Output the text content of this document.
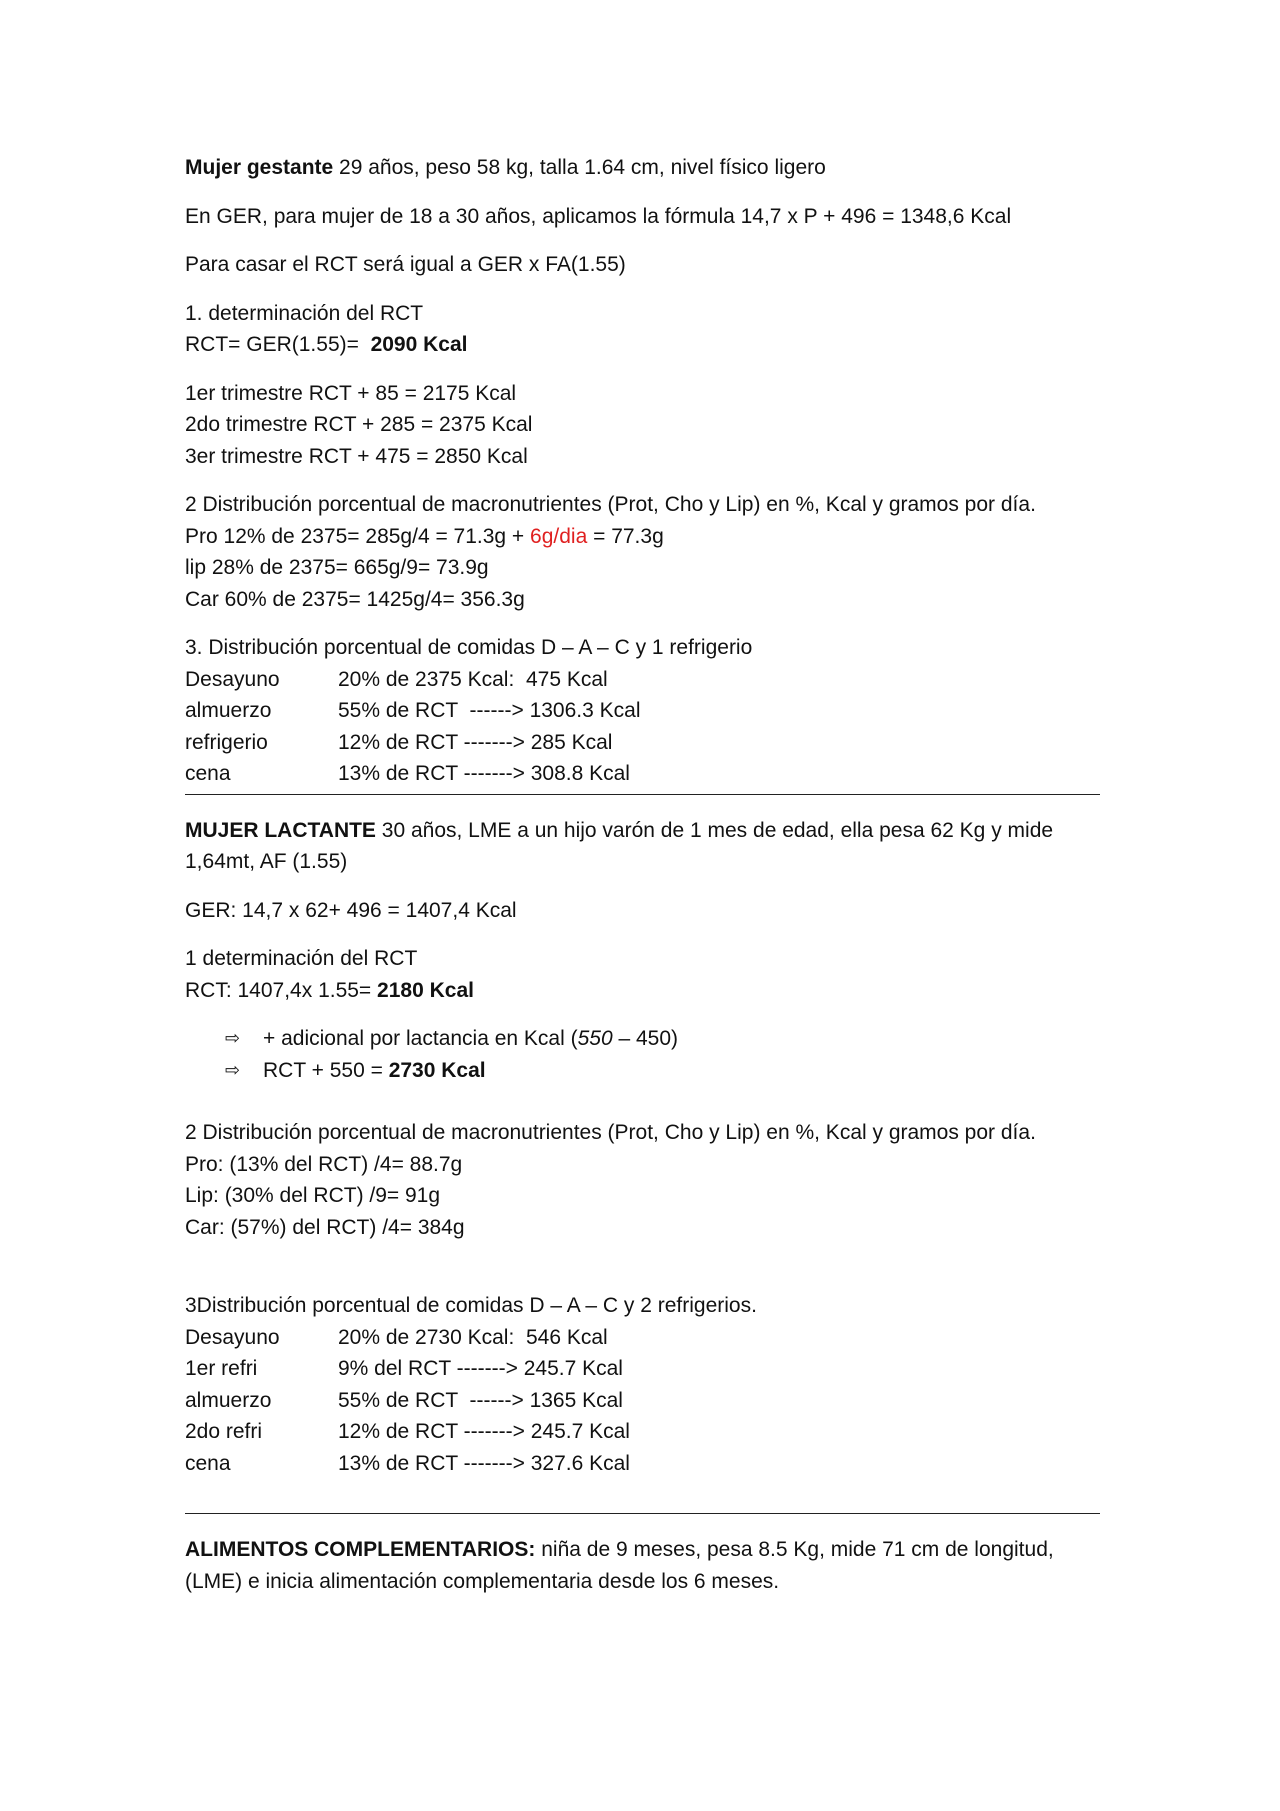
Mujer gestante 29 años, peso 58 kg, talla 1.64 cm, nivel físico ligero

En GER, para mujer de 18 a 30 años, aplicamos la fórmula 14,7 x P + 496 = 1348,6 Kcal

Para casar el RCT será igual a GER x FA(1.55)

1. determinación del RCT
RCT= GER(1.55)=  2090 Kcal

1er trimestre RCT + 85 = 2175 Kcal
2do trimestre RCT + 285 = 2375 Kcal
3er trimestre RCT + 475 = 2850 Kcal

2 Distribución porcentual de macronutrientes (Prot, Cho y Lip) en %, Kcal y gramos por día.
Pro 12% de 2375= 285g/4 = 71.3g + 6g/dia = 77.3g
lip 28% de 2375= 665g/9= 73.9g
Car 60% de 2375= 1425g/4= 356.3g

3. Distribución porcentual de comidas D – A – C y 1 refrigerio
Desayuno	20% de 2375 Kcal:  475 Kcal
almuerzo	55% de RCT  ------> 1306.3 Kcal
refrigerio	12% de RCT -------> 285 Kcal
cena	13% de RCT -------> 308.8 Kcal

MUJER LACTANTE 30 años, LME a un hijo varón de 1 mes de edad, ella pesa 62 Kg y mide
1,64mt, AF (1.55)

GER: 14,7 x 62+ 496 = 1407,4 Kcal

1 determinación del RCT
RCT: 1407,4x 1.55= 2180 Kcal

⇨	+ adicional por lactancia en Kcal (550 – 450)
⇨	RCT + 550 = 2730 Kcal

2 Distribución porcentual de macronutrientes (Prot, Cho y Lip) en %, Kcal y gramos por día.
Pro: (13% del RCT) /4= 88.7g
Lip: (30% del RCT) /9= 91g
Car: (57%) del RCT) /4= 384g

3Distribución porcentual de comidas D – A – C y 2 refrigerios.
Desayuno	20% de 2730 Kcal:  546 Kcal
1er refri	9% del RCT -------> 245.7 Kcal
almuerzo	55% de RCT  ------> 1365 Kcal
2do refri	12% de RCT -------> 245.7 Kcal
cena	13% de RCT -------> 327.6 Kcal

ALIMENTOS COMPLEMENTARIOS: niña de 9 meses, pesa 8.5 Kg, mide 71 cm de longitud,
(LME) e inicia alimentación complementaria desde los 6 meses.
